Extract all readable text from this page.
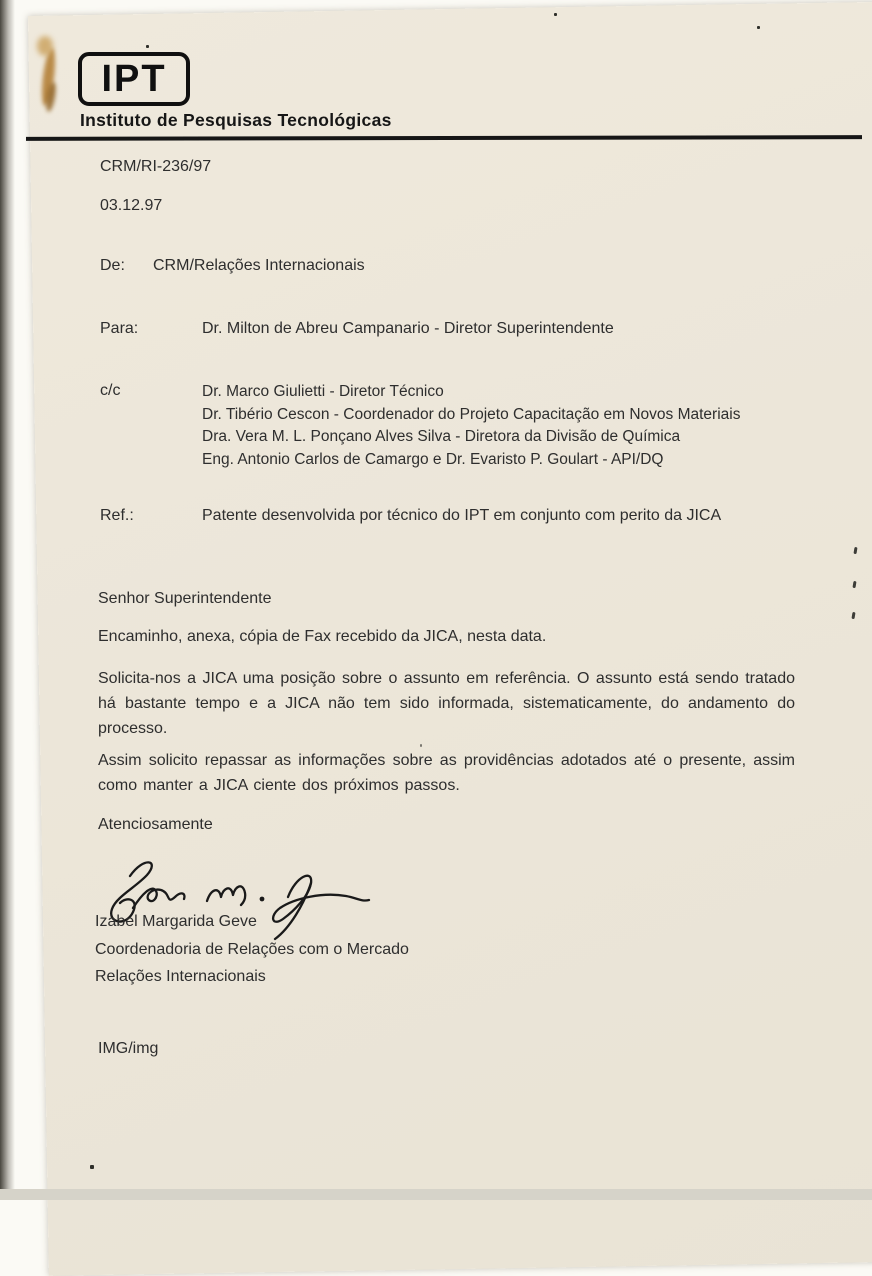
IPT
Instituto de Pesquisas Tecnológicas
CRM/RI-236/97
03.12.97
De: CRM/Relações Internacionais
Para:	Dr. Milton de Abreu Campanario - Diretor Superintendente
c/c	Dr. Marco Giulietti - Diretor Técnico
Dr. Tibério Cescon - Coordenador do Projeto Capacitação em Novos Materiais
Dra. Vera M. L. Ponçano Alves Silva - Diretora da Divisão de Química
Eng. Antonio Carlos de Camargo e Dr. Evaristo P. Goulart - API/DQ
Ref.:	Patente desenvolvida por técnico do IPT em conjunto com perito da JICA
Senhor Superintendente
Encaminho, anexa, cópia de Fax recebido da JICA, nesta data.
Solicita-nos a JICA uma posição sobre o assunto em referência. O assunto está sendo tratado há bastante tempo e a JICA não tem sido informada, sistematicamente, do andamento do processo.
Assim solicito repassar as informações sobre as providências adotados até o presente, assim como manter a JICA ciente dos próximos passos.
Atenciosamente
Izabel Margarida Geve
Coordenadoria de Relações com o Mercado
Relações Internacionais
IMG/img
